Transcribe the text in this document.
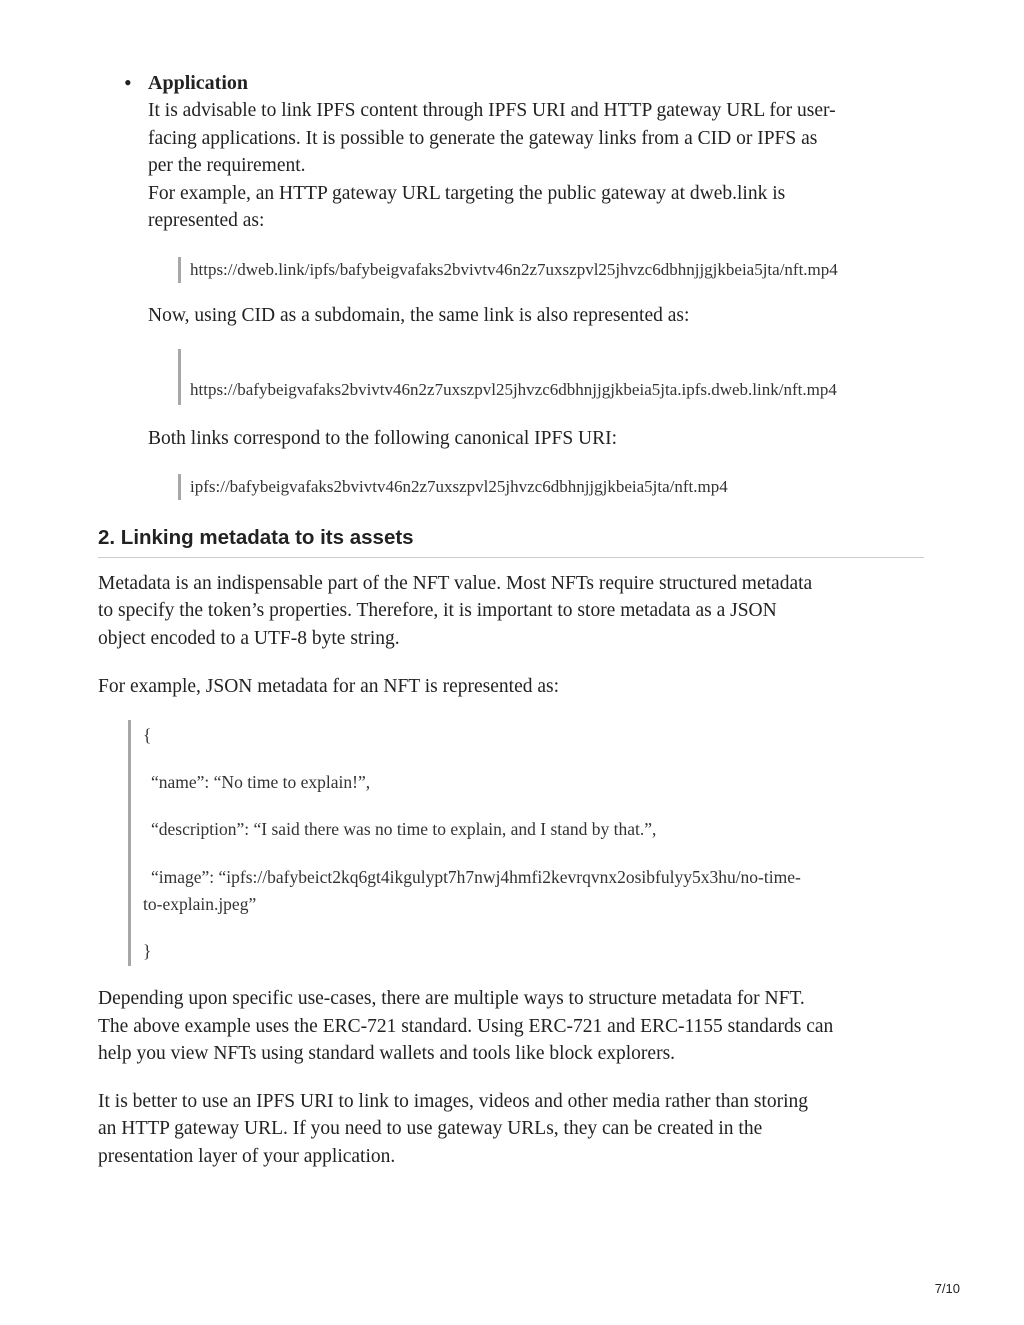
• Application

It is advisable to link IPFS content through IPFS URI and HTTP gateway URL for user-

facing applications. It is possible to generate the gateway links from a CID or IPFS as

per the requirement.

For example, an HTTP gateway URL targeting the public gateway at dweb.link is

represented as:

https://dweb.link/ipfs/bafybeigvafaks2bvivtv46n2z7uxszpvl25jhvzc6dbhnjjgjkbeia5jta/nft.mp4

Now, using CID as a subdomain, the same link is also represented as:

https://bafybeigvafaks2bvivtv46n2z7uxszpvl25jhvzc6dbhnjjgjkbeia5jta.ipfs.dweb.link/nft.mp4

Both links correspond to the following canonical IPFS URI:

ipfs://bafybeigvafaks2bvivtv46n2z7uxszpvl25jhvzc6dbhnjjgjkbeia5jta/nft.mp4
2. Linking metadata to its assets

Metadata is an indispensable part of the NFT value. Most NFTs require structured metadata

to specify the token’s properties. Therefore, it is important to store metadata as a JSON

object encoded to a UTF-8 byte string.

For example, JSON metadata for an NFT is represented as:

{

“name”: “No time to explain!”,

“description”: “I said there was no time to explain, and I stand by that.”,

“image”: “ipfs://bafybeict2kq6gt4ikgulypt7h7nwj4hmfi2kevrqvnx2osibfulyy5x3hu/no-time-

to-explain.jpeg”

}

Depending upon specific use-cases, there are multiple ways to structure metadata for NFT.

The above example uses the ERC-721 standard. Using ERC-721 and ERC-1155 standards can

help you view NFTs using standard wallets and tools like block explorers.

It is better to use an IPFS URI to link to images, videos and other media rather than storing

an HTTP gateway URL. If you need to use gateway URLs, they can be created in the

presentation layer of your application.

7/10
